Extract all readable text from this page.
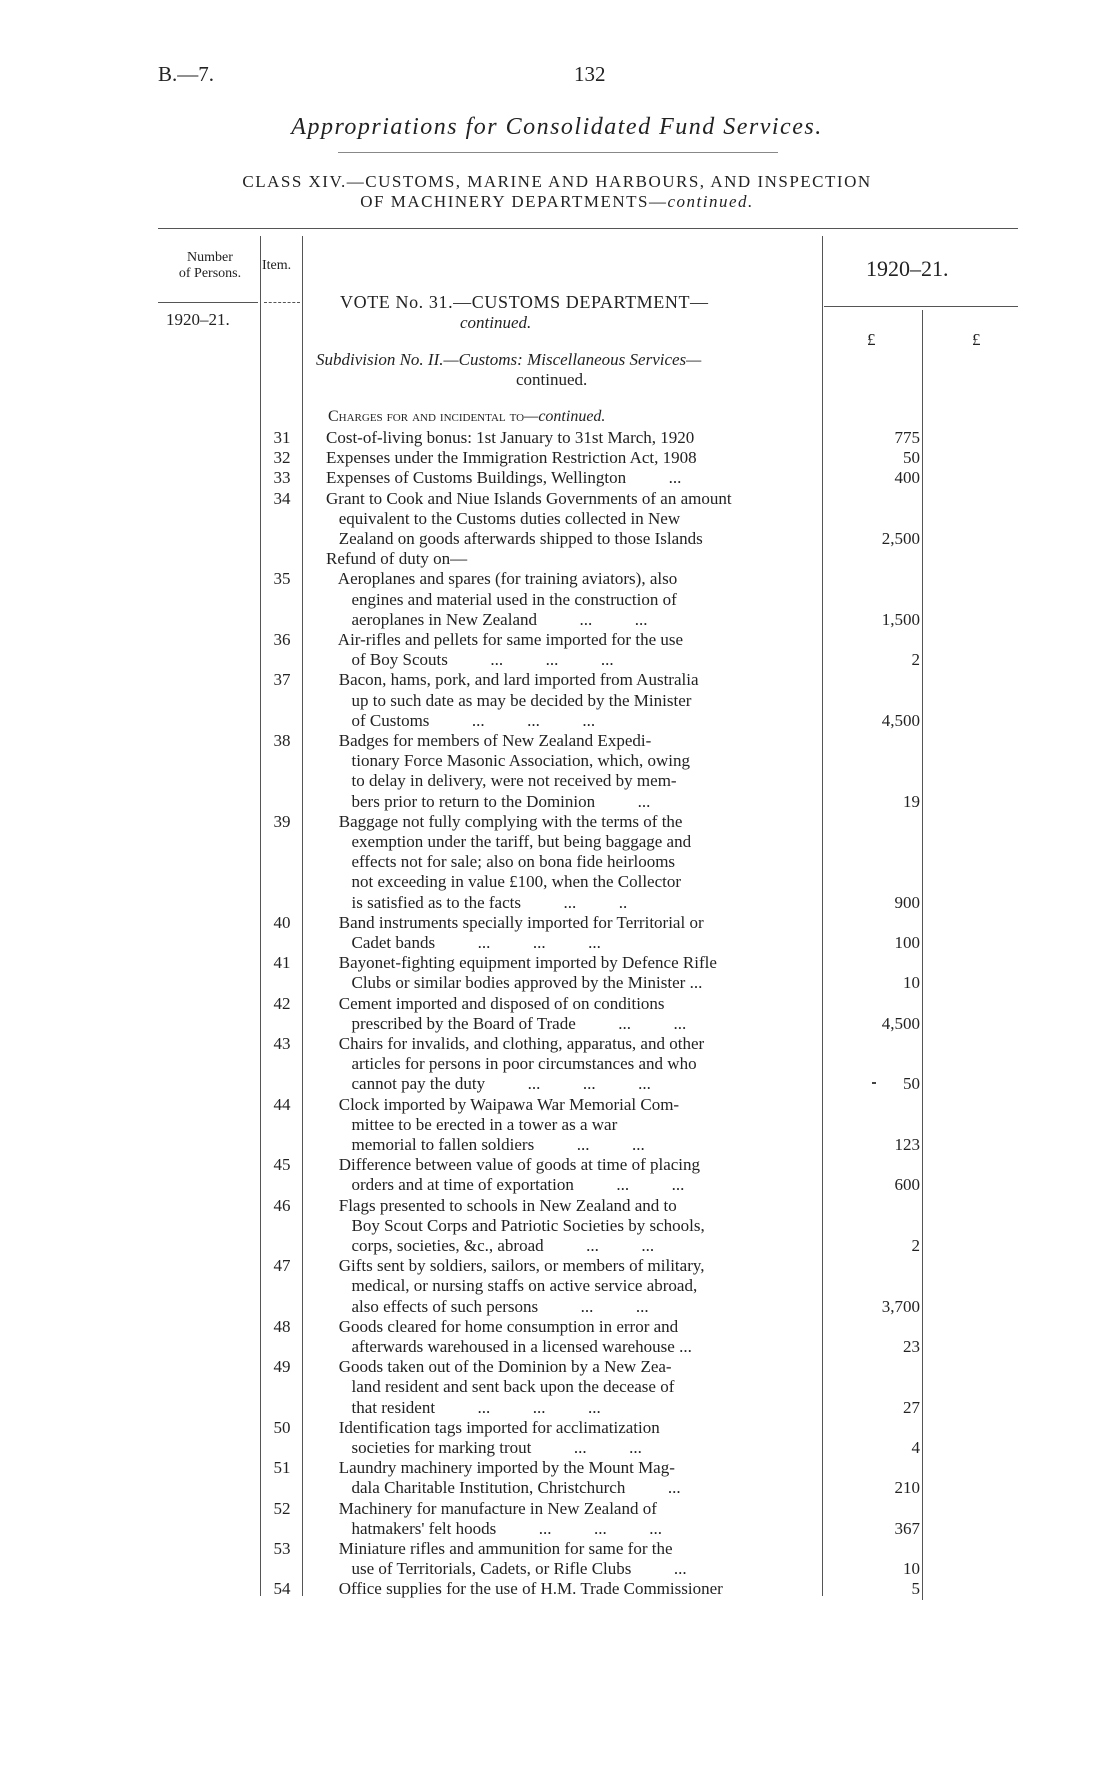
B.—7.	132
Appropriations for Consolidated Fund Services.
CLASS XIV.—CUSTOMS, MARINE AND HARBOURS, AND INSPECTION
OF MACHINERY DEPARTMENTS—continued.
Number
of Persons.
Item.	1920–21.
1920–21.
VOTE No. 31.—CUSTOMS DEPARTMENT—
continued.
£	£
Subdivision No. II.—Customs: Miscellaneous Services—
continued.
Charges for and incidental to—continued.
31	Cost-of-living bonus: 1st January to 31st March, 1920	775
32	Expenses under the Immigration Restriction Act, 1908	50
33	Expenses of Customs Buildings, Wellington          ...	400
34	Grant to Cook and Niue Islands Governments of an amount
equivalent to the Customs duties collected in New
Zealand on goods afterwards shipped to those Islands	2,500
Refund of duty on—
35	Aeroplanes and spares (for training aviators), also
engines and material used in the construction of
aeroplanes in New Zealand          ...          ...	1,500
36	Air-rifles and pellets for same imported for the use
of Boy Scouts          ...          ...          ...	2
37	Bacon, hams, pork, and lard imported from Australia
up to such date as may be decided by the Minister
of Customs          ...          ...          ...	4,500
38	Badges for members of New Zealand Expedi-
tionary Force Masonic Association, which, owing
to delay in delivery, were not received by mem-
bers prior to return to the Dominion          ...	19
39	Baggage not fully complying with the terms of the
exemption under the tariff, but being baggage and
effects not for sale; also on bona fide heirlooms
not exceeding in value £100, when the Collector
is satisfied as to the facts          ...          ..	900
40	Band instruments specially imported for Territorial or
Cadet bands          ...          ...          ...	100
41	Bayonet-fighting equipment imported by Defence Rifle
Clubs or similar bodies approved by the Minister ...	10
42	Cement imported and disposed of on conditions
prescribed by the Board of Trade          ...          ...	4,500
43	Chairs for invalids, and clothing, apparatus, and other
articles for persons in poor circumstances and who
cannot pay the duty          ...          ...          ...	50
44	Clock imported by Waipawa War Memorial Com-
mittee to be erected in a tower as a war
memorial to fallen soldiers          ...          ...	123
45	Difference between value of goods at time of placing
orders and at time of exportation          ...          ...	600
46	Flags presented to schools in New Zealand and to
Boy Scout Corps and Patriotic Societies by schools,
corps, societies, &c., abroad          ...          ...	2
47	Gifts sent by soldiers, sailors, or members of military,
medical, or nursing staffs on active service abroad,
also effects of such persons          ...          ...	3,700
48	Goods cleared for home consumption in error and
afterwards warehoused in a licensed warehouse ...	23
49	Goods taken out of the Dominion by a New Zea-
land resident and sent back upon the decease of
that resident          ...          ...          ...	27
50	Identification tags imported for acclimatization
societies for marking trout          ...          ...	4
51	Laundry machinery imported by the Mount Mag-
dala Charitable Institution, Christchurch          ...	210
52	Machinery for manufacture in New Zealand of
hatmakers' felt hoods          ...          ...          ...	367
53	Miniature rifles and ammunition for same for the
use of Territorials, Cadets, or Rifle Clubs          ...	10
54	Office supplies for the use of H.M. Trade Commissioner	5
